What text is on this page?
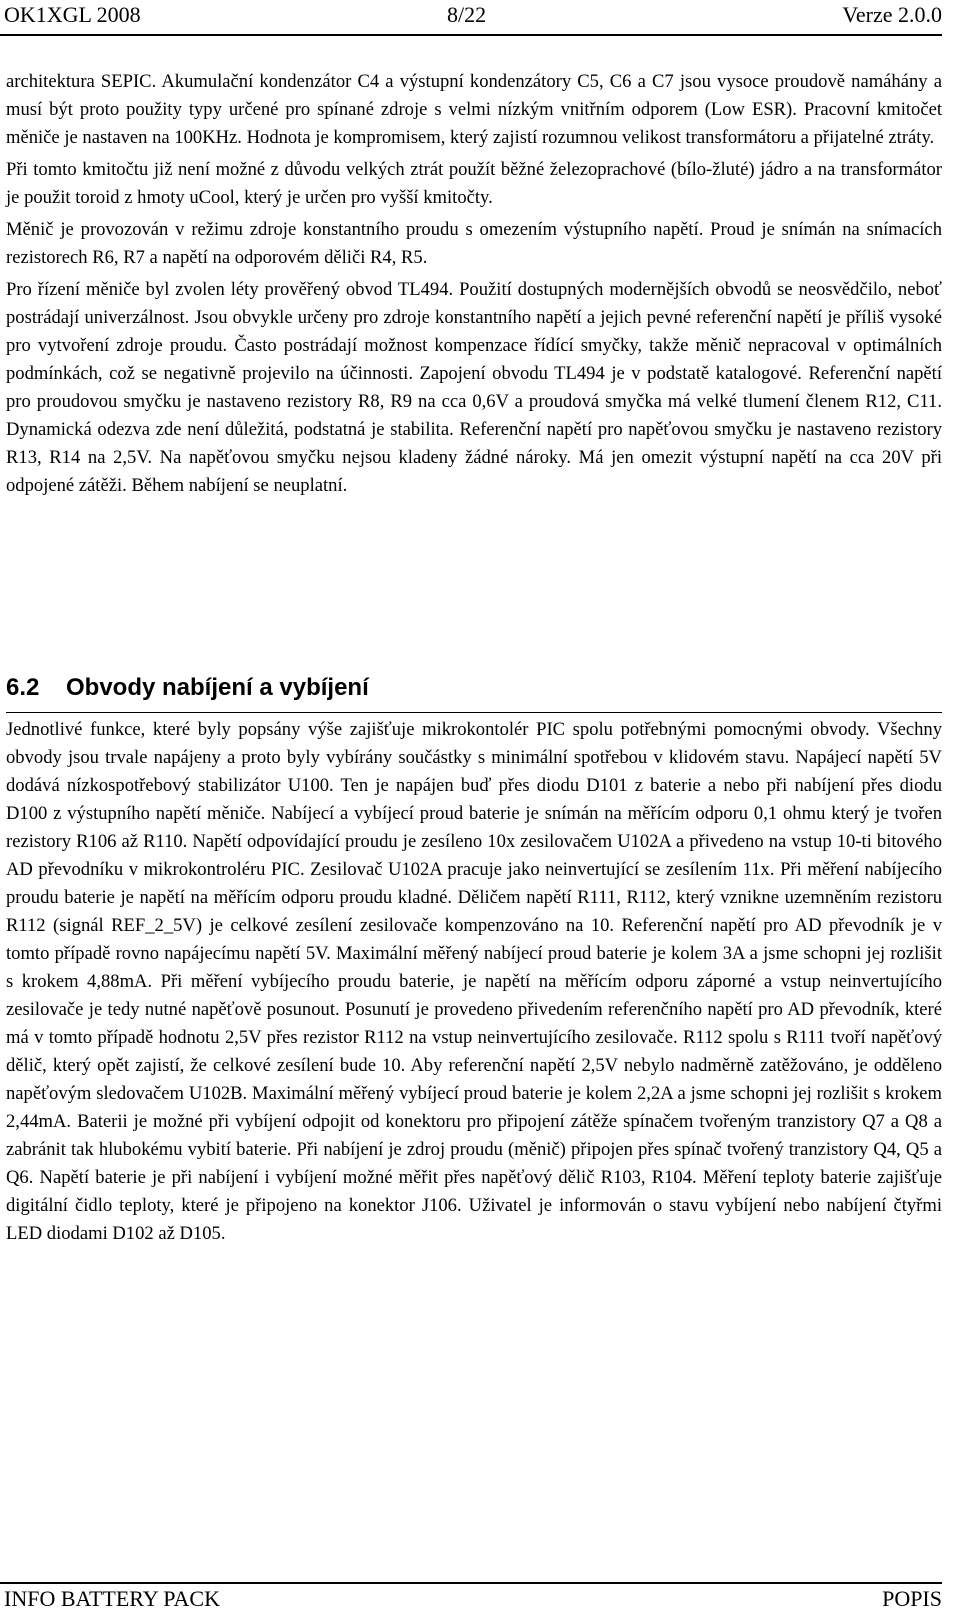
OK1XGL 2008	8/22	Verze 2.0.0

architektura SEPIC. Akumulační kondenzátor C4 a výstupní kondenzátory C5, C6 a C7 jsou vysoce proudově namáhány a musí být proto použity typy určené pro spínané zdroje s velmi nízkým vnitřním odporem (Low ESR). Pracovní kmitočet měniče je nastaven na 100KHz. Hodnota je kompromisem, který zajistí rozumnou velikost transformátoru a přijatelné ztráty.

Při tomto kmitočtu již není možné z důvodu velkých ztrát použít běžné železoprachové (bílo-žluté) jádro a na transformátor je použit toroid z hmoty uCool, který je určen pro vyšší kmitočty.

Měnič je provozován v režimu zdroje konstantního proudu s omezením výstupního napětí. Proud je snímán na snímacích rezistorech R6, R7 a napětí na odporovém děliči R4, R5.

Pro řízení měniče byl zvolen léty prověřený obvod TL494. Použití dostupných modernějších obvodů se neosvědčilo, neboť postrádají univerzálnost. Jsou obvykle určeny pro zdroje konstantního napětí a jejich pevné referenční napětí je příliš vysoké pro vytvoření zdroje proudu. Často postrádají možnost kompenzace řídící smyčky, takže měnič nepracoval v optimálních podmínkách, což se negativně projevilo na účinnosti. Zapojení obvodu TL494 je v podstatě katalogové. Referenční napětí pro proudovou smyčku je nastaveno rezistory R8, R9 na cca 0,6V a proudová smyčka má velké tlumení členem R12, C11. Dynamická odezva zde není důležitá, podstatná je stabilita. Referenční napětí pro napěťovou smyčku je nastaveno rezistory R13, R14 na 2,5V. Na napěťovou smyčku nejsou kladeny žádné nároky. Má jen omezit výstupní napětí na cca 20V při odpojené zátěži. Během nabíjení se neuplatní.

6.2 Obvody nabíjení a vybíjení

Jednotlivé funkce, které byly popsány výše zajišťuje mikrokontolér PIC spolu potřebnými pomocnými obvody. Všechny obvody jsou trvale napájeny a proto byly vybírány součástky s minimální spotřebou v klidovém stavu. Napájecí napětí 5V dodává nízkospotřebový stabilizátor U100. Ten je napájen buď přes diodu D101 z baterie a nebo při nabíjení přes diodu D100 z výstupního napětí měniče. Nabíjecí a vybíjecí proud baterie je snímán na měřícím odporu 0,1 ohmu který je tvořen rezistory R106 až R110. Napětí odpovídající proudu je zesíleno 10x zesilovačem U102A a přivedeno na vstup 10-ti bitového AD převodníku v mikrokontroléru PIC. Zesilovač U102A pracuje jako neinvertující se zesílením 11x. Při měření nabíjecího proudu baterie je napětí na měřícím odporu proudu kladné. Děličem napětí R111, R112, který vznikne uzemněním rezistoru R112 (signál REF_2_5V) je celkové zesílení zesilovače kompenzováno na 10. Referenční napětí pro AD převodník je v tomto případě rovno napájecímu napětí 5V. Maximální měřený nabíjecí proud baterie je kolem 3A a jsme schopni jej rozlišit s krokem 4,88mA. Při měření vybíjecího proudu baterie, je napětí na měřícím odporu záporné a vstup neinvertujícího zesilovače je tedy nutné napěťově posunout. Posunutí je provedeno přivedením referenčního napětí pro AD převodník, které má v tomto případě hodnotu 2,5V přes rezistor R112 na vstup neinvertujícího zesilovače. R112 spolu s R111 tvoří napěťový dělič, který opět zajistí, že celkové zesílení bude 10. Aby referenční napětí 2,5V nebylo nadměrně zatěžováno, je odděleno napěťovým sledovačem U102B. Maximální měřený vybíjecí proud baterie je kolem 2,2A a jsme schopni jej rozlišit s krokem 2,44mA. Baterii je možné při vybíjení odpojit od konektoru pro připojení zátěže spínačem tvořeným tranzistory Q7 a Q8 a zabránit tak hlubokému vybití baterie. Při nabíjení je zdroj proudu (měnič) připojen přes spínač tvořený tranzistory Q4, Q5 a Q6. Napětí baterie je při nabíjení i vybíjení možné měřit přes napěťový dělič R103, R104. Měření teploty baterie zajišťuje digitální čidlo teploty, které je připojeno na konektor J106. Uživatel je informován o stavu vybíjení nebo nabíjení čtyřmi LED diodami D102 až D105.

INFO BATTERY PACK	POPIS
